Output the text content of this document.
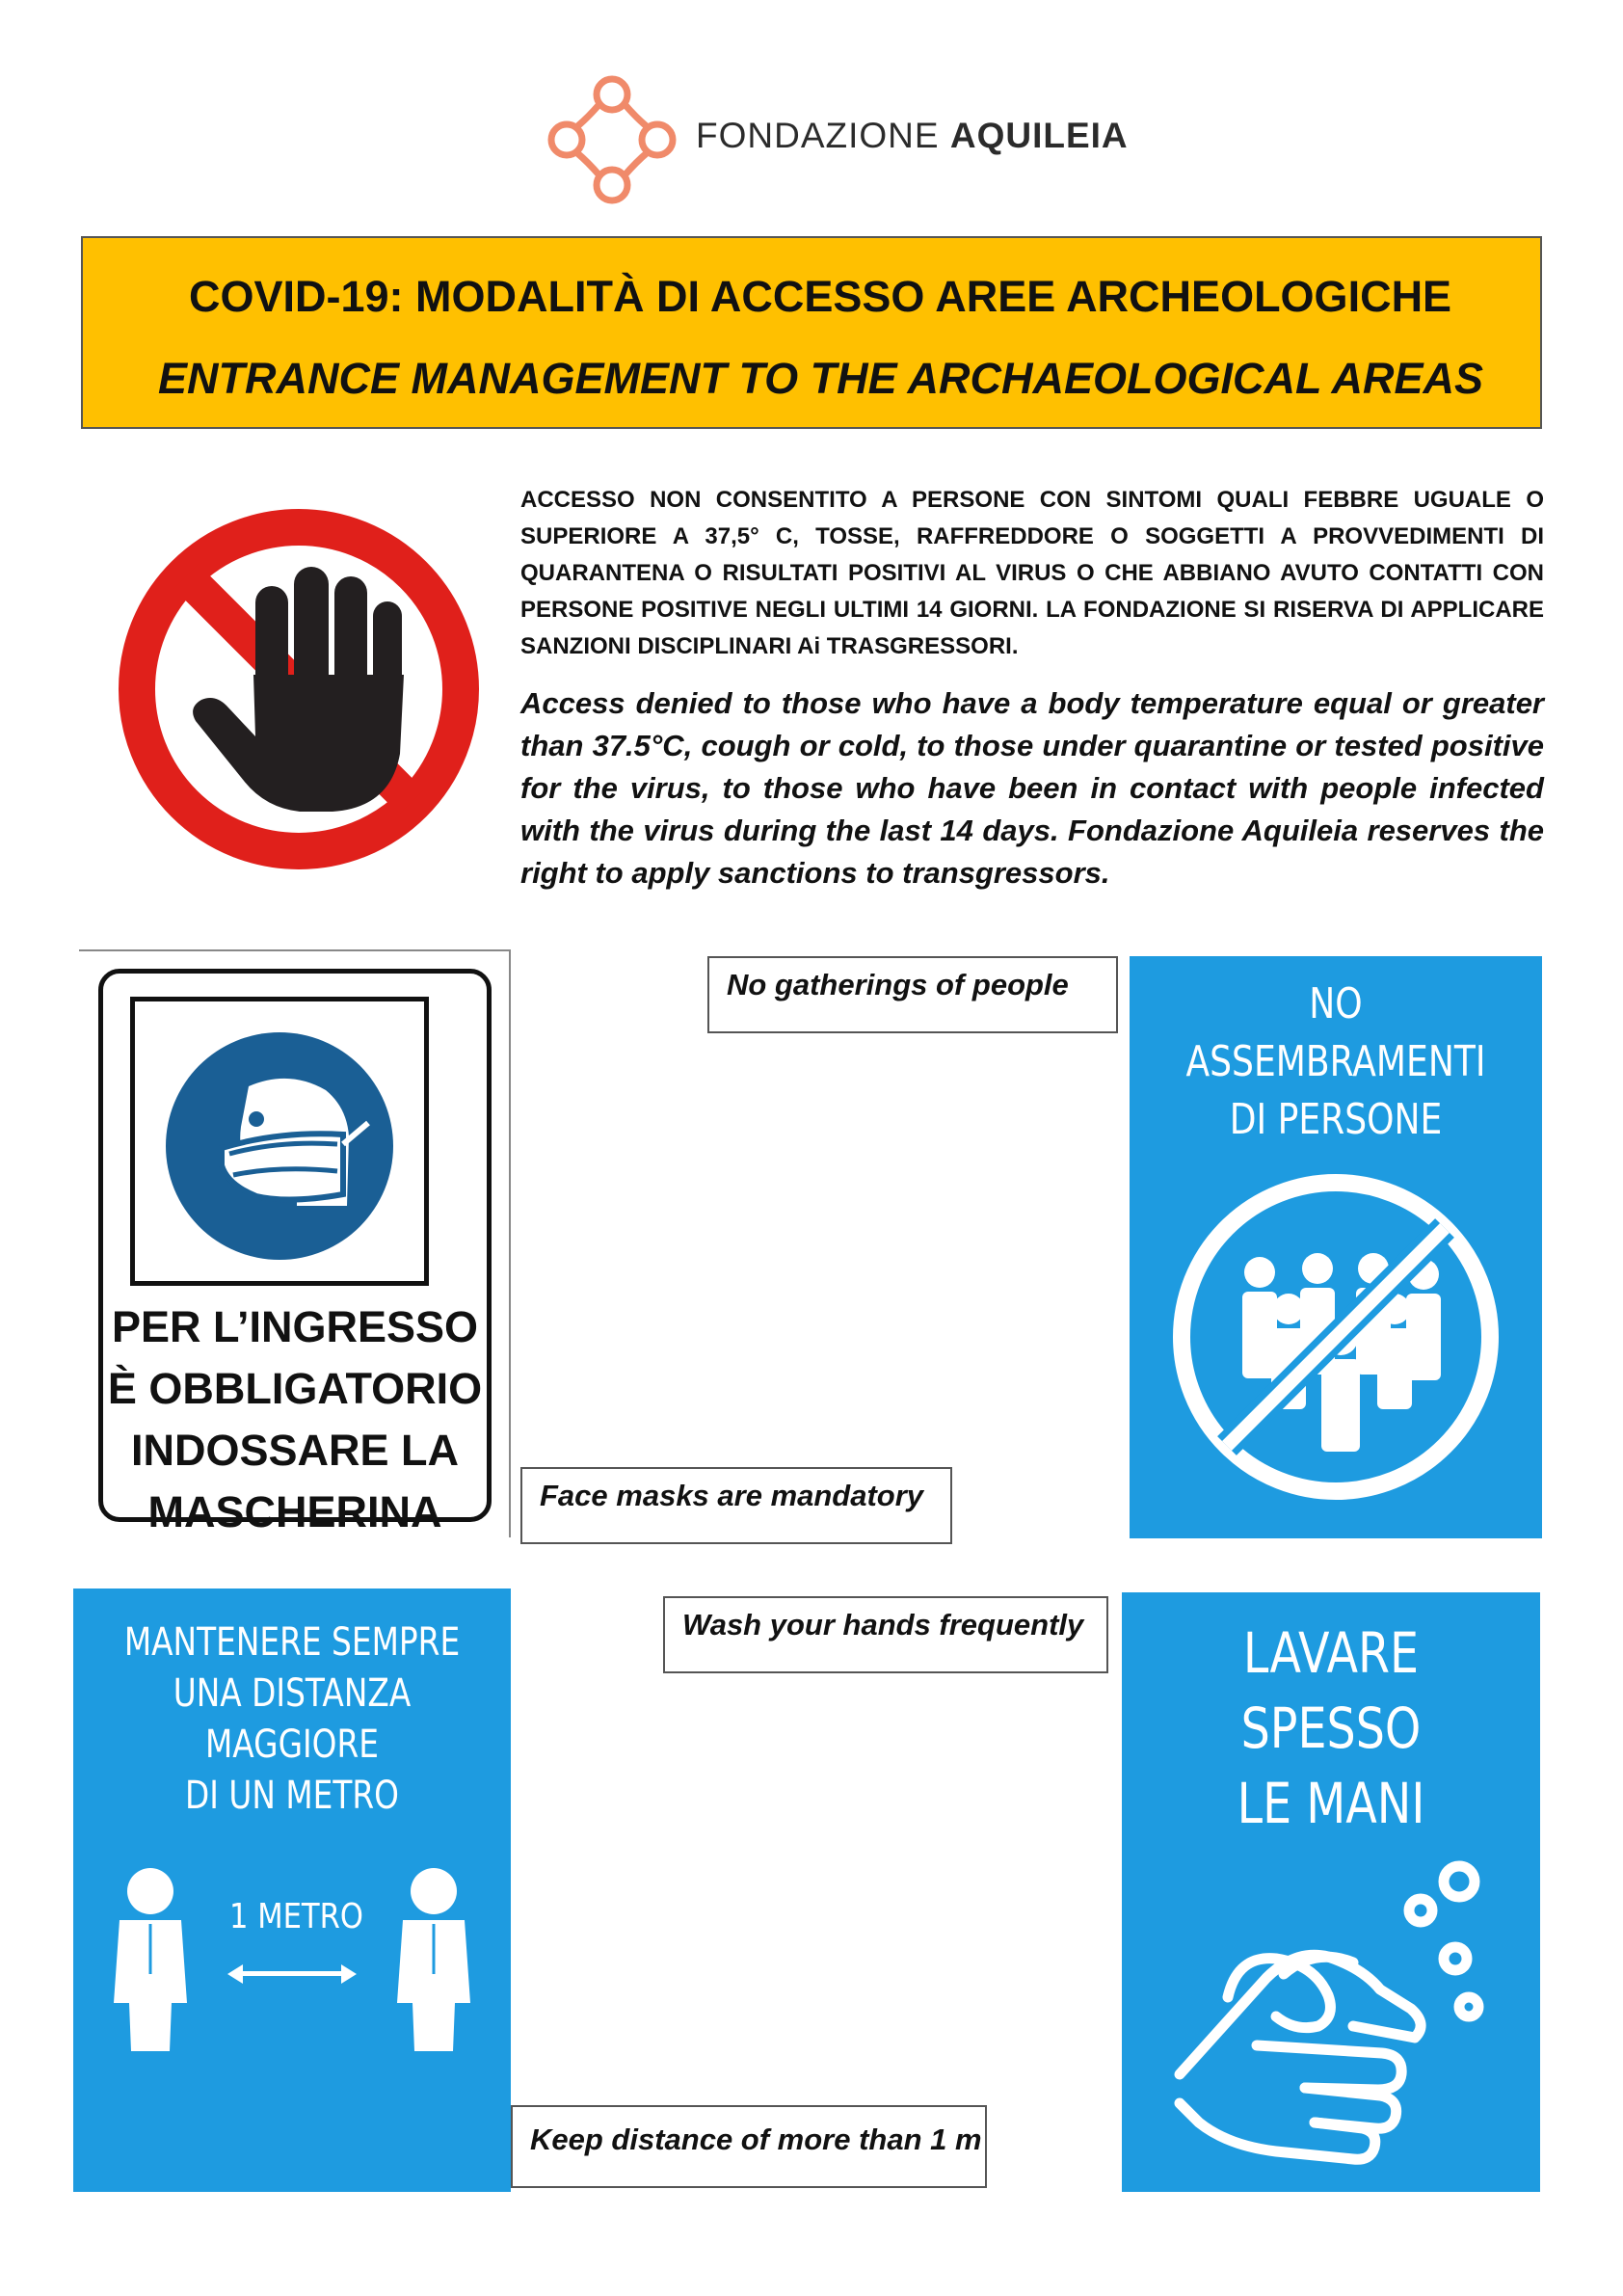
FONDAZIONE AQUILEIA
COVID-19: MODALITÀ DI ACCESSO AREE ARCHEOLOGICHE
ENTRANCE MANAGEMENT TO THE ARCHAEOLOGICAL AREAS
ACCESSO NON CONSENTITO A PERSONE CON SINTOMI QUALI FEBBRE UGUALE O SUPERIORE A 37,5° C, TOSSE, RAFFREDDORE O SOGGETTI A PROVVEDIMENTI DI QUARANTENA O RISULTATI POSITIVI AL VIRUS O CHE ABBIANO AVUTO CONTATTI CON PERSONE POSITIVE NEGLI ULTIMI 14 GIORNI. LA FONDAZIONE SI RISERVA DI APPLICARE SANZIONI DISCIPLINARI Ai TRASGRESSORI.
Access denied to those who have a body temperature equal or greater than 37.5°C, cough or cold, to those under quarantine or tested positive for the virus, to those who have been in contact with people infected with the virus during the last 14 days. Fondazione Aquileia reserves the right to apply sanctions to transgressors.
PER L’INGRESSO
È OBBLIGATORIO
INDOSSARE LA
MASCHERINA
No gatherings of people	NO
ASSEMBRAMENTI
DI PERSONE
Face masks are mandatory
MANTENERE SEMPRE
UNA DISTANZA MAGGIORE
DI UN METRO
1 METRO
Wash your hands frequently	LAVARE SPESSO
LE MANI
Keep distance of more than 1 m
